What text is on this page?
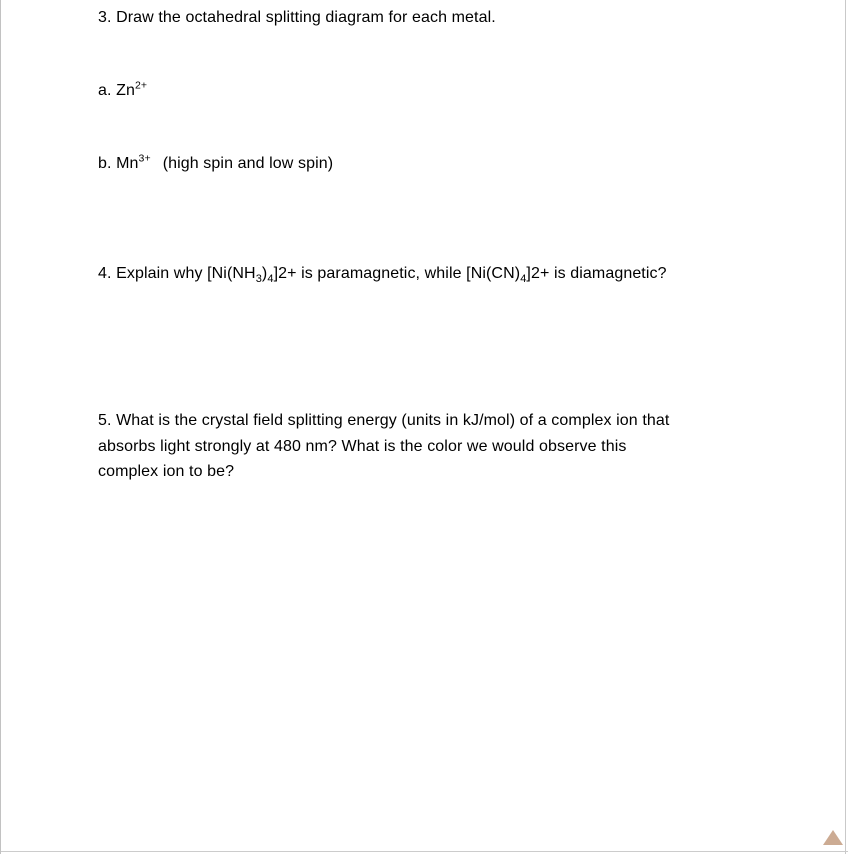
3. Draw the octahedral splitting diagram for each metal.

a. $Zn^{2+}$

b. $Mn^{3+}$ (high spin and low spin)

4. Explain why $[Ni(NH_3)_4]2+$ is paramagnetic, while $[Ni(CN)_4]2+$ is diamagnetic?

5. What is the crystal field splitting energy (units in kJ/mol) of a complex ion that
absorbs light strongly at 480 nm? What is the color we would observe this
complex ion to be?
